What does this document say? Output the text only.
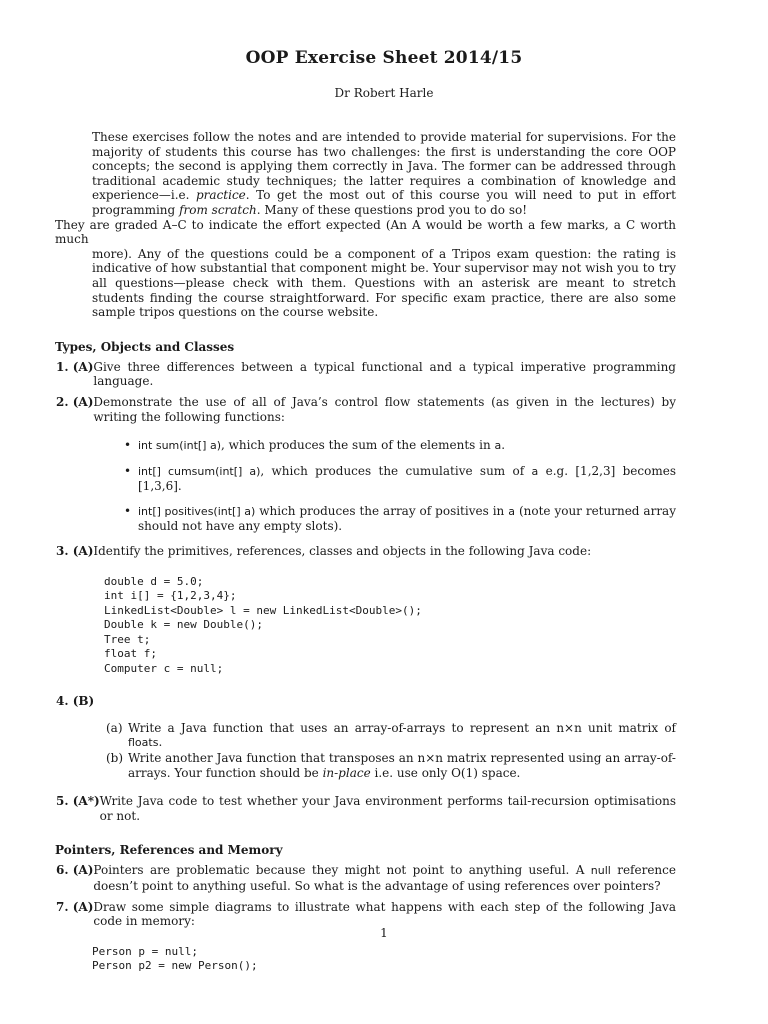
OOP Exercise Sheet 2014/15
Dr Robert Harle

These exercises follow the notes and are intended to provide material for supervisions. For the majority of students this course has two challenges: the first is understanding the core OOP concepts; the second is applying them correctly in Java. The former can be addressed through traditional academic study techniques; the latter requires a combination of knowledge and experience—i.e. practice. To get the most out of this course you will need to put in effort programming from scratch. Many of these questions prod you to do so!

They are graded A–C to indicate the effort expected (An A would be worth a few marks, a C worth much

more). Any of the questions could be a component of a Tripos exam question: the rating is indicative of how substantial that component might be. Your supervisor may not wish you to try all questions—please check with them. Questions with an asterisk are meant to stretch students finding the course straightforward. For specific exam practice, there are also some sample tripos questions on the course website.

Types, Objects and Classes
1. (A) Give three differences between a typical functional and a typical imperative programming language.
2. (A) Demonstrate the use of all of Java’s control flow statements (as given in the lectures) by writing the following functions:
• int sum(int[] a), which produces the sum of the elements in a.
• int[] cumsum(int[] a), which produces the cumulative sum of a e.g. [1,2,3] becomes [1,3,6].
• int[] positives(int[] a) which produces the array of positives in a (note your returned array should not have any empty slots).
3. (A) Identify the primitives, references, classes and objects in the following Java code:
double d = 5.0;
int i[] = {1,2,3,4};
LinkedList<Double> l = new LinkedList<Double>();
Double k = new Double();
Tree t;
float f;
Computer c = null;
4. (B)
(a) Write a Java function that uses an array-of-arrays to represent an n×n unit matrix of floats.
(b) Write another Java function that transposes an n×n matrix represented using an array-of-arrays. Your function should be in-place i.e. use only O(1) space.
5. (A*) Write Java code to test whether your Java environment performs tail-recursion optimisations or not.
Pointers, References and Memory
6. (A) Pointers are problematic because they might not point to anything useful. A null reference doesn’t point to anything useful. So what is the advantage of using references over pointers?
7. (A) Draw some simple diagrams to illustrate what happens with each step of the following Java code in memory:
Person p = null;
Person p2 = new Person();
1
